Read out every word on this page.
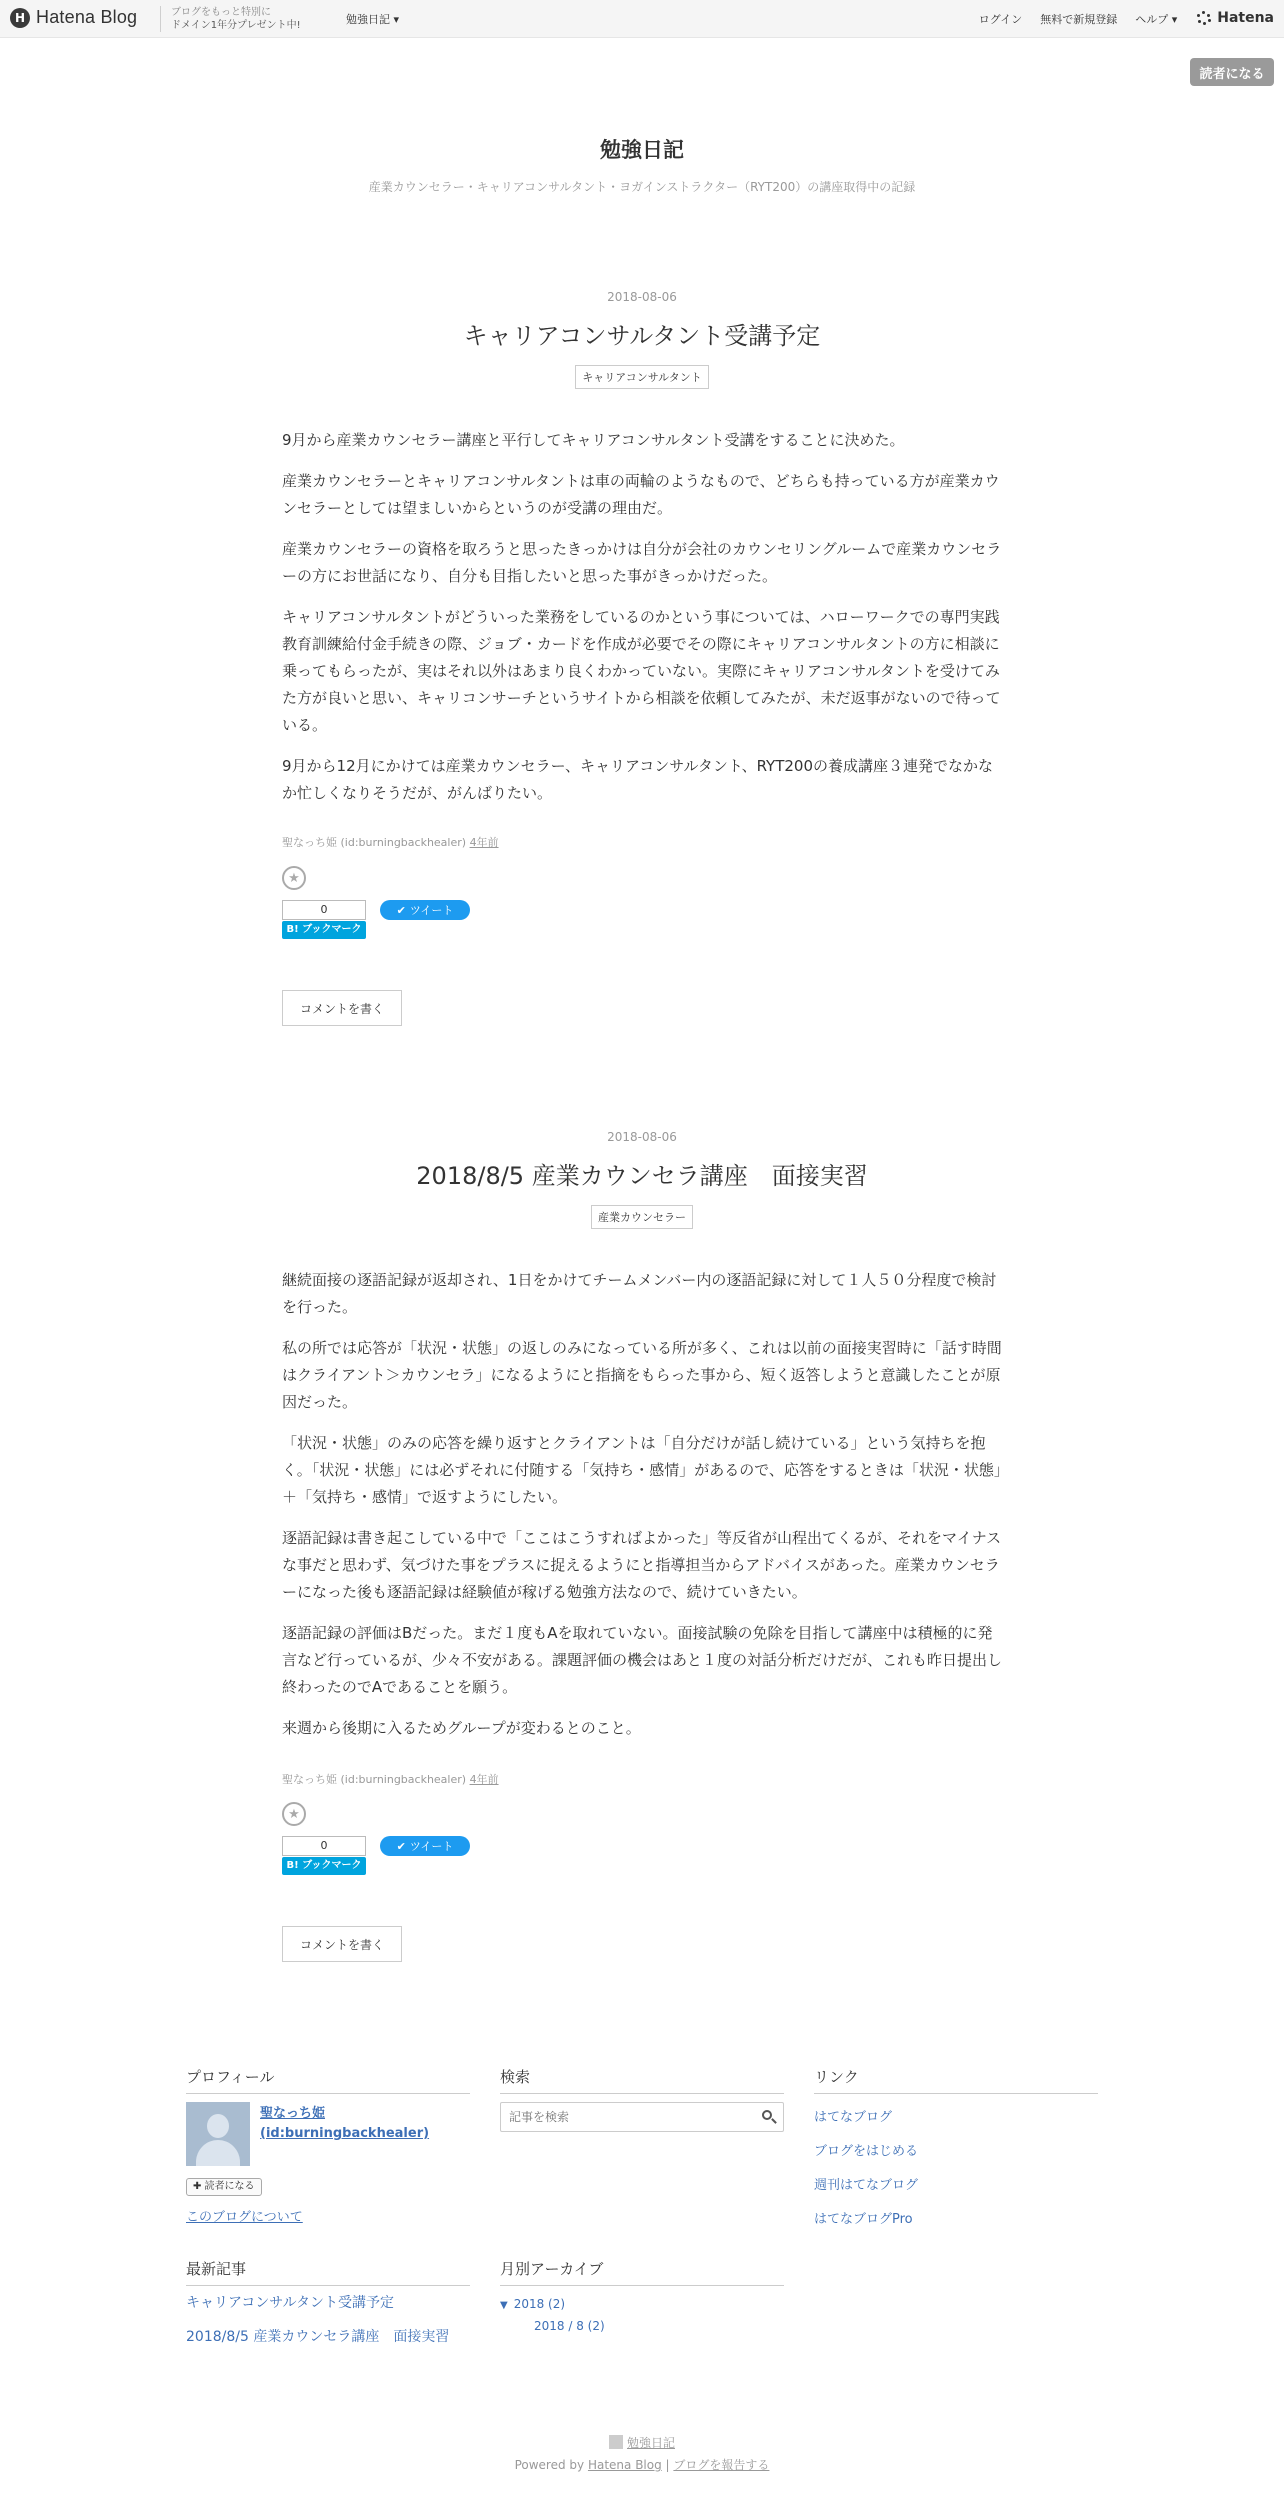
H Hatena Blog	ブログをもっと特別に
ドメイン1年分プレゼント中!	勉強日記 ▾	ログイン 無料で新規登録 ヘルプ ▾	Hatena
読者になる
勉強日記
産業カウンセラー・キャリアコンサルタント・ヨガインストラクター（RYT200）の講座取得中の記録
2018-08-06
キャリアコンサルタント受講予定
キャリアコンサルタント

9月から産業カウンセラー講座と平行してキャリアコンサルタント受講をすることに決めた。

産業カウンセラーとキャリアコンサルタントは車の両輪のようなもので、どちらも持っている方が産業カウンセラーとしては望ましいからというのが受講の理由だ。

産業カウンセラーの資格を取ろうと思ったきっかけは自分が会社のカウンセリングルームで産業カウンセラーの方にお世話になり、自分も目指したいと思った事がきっかけだった。

キャリアコンサルタントがどういった業務をしているのかという事については、ハローワークでの専門実践教育訓練給付金手続きの際、ジョブ・カードを作成が必要でその際にキャリアコンサルタントの方に相談に乗ってもらったが、実はそれ以外はあまり良くわかっていない。実際にキャリアコンサルタントを受けてみた方が良いと思い、キャリコンサーチというサイトから相談を依頼してみたが、未だ返事がないので待っている。

9月から12月にかけては産業カウンセラー、キャリアコンサルタント、RYT200の養成講座３連発でなかなか忙しくなりそうだが、がんばりたい。

聖なっち姫 (id:burningbackhealer) 4年前
★
0
B! ブックマーク
✔ ツイート
コメントを書く
2018-08-06
2018/8/5 産業カウンセラ講座　面接実習
産業カウンセラー

継続面接の逐語記録が返却され、1日をかけてチームメンバー内の逐語記録に対して１人５０分程度で検討を行った。

私の所では応答が「状況・状態」の返しのみになっている所が多く、これは以前の面接実習時に「話す時間はクライアント＞カウンセラ」になるようにと指摘をもらった事から、短く返答しようと意識したことが原因だった。

「状況・状態」のみの応答を繰り返すとクライアントは「自分だけが話し続けている」という気持ちを抱く。「状況・状態」には必ずそれに付随する「気持ち・感情」があるので、応答をするときは「状況・状態」＋「気持ち・感情」で返すようにしたい。

逐語記録は書き起こしている中で「ここはこうすればよかった」等反省が山程出てくるが、それをマイナスな事だと思わず、気づけた事をプラスに捉えるようにと指導担当からアドバイスがあった。産業カウンセラーになった後も逐語記録は経験値が稼げる勉強方法なので、続けていきたい。

逐語記録の評価はBだった。まだ１度もAを取れていない。面接試験の免除を目指して講座中は積極的に発言など行っているが、少々不安がある。課題評価の機会はあと１度の対話分析だけだが、これも昨日提出し終わったのでAであることを願う。

来週から後期に入るためグループが変わるとのこと。

聖なっち姫 (id:burningbackhealer) 4年前
★
0
B! ブックマーク
✔ ツイート
コメントを書く
プロフィール
聖なっち姫
(id:burningbackhealer)
✚ 読者になる
このブログについて
検索
記事を検索	リンク
はてなブログ
ブログをはじめる
週刊はてなブログ
はてなブログPro
最新記事
キャリアコンサルタント受講予定
2018/8/5 産業カウンセラ講座　面接実習
月別アーカイブ
▼ 2018 (2)
2018 / 8 (2)
勉強日記
Powered by Hatena Blog | ブログを報告する
